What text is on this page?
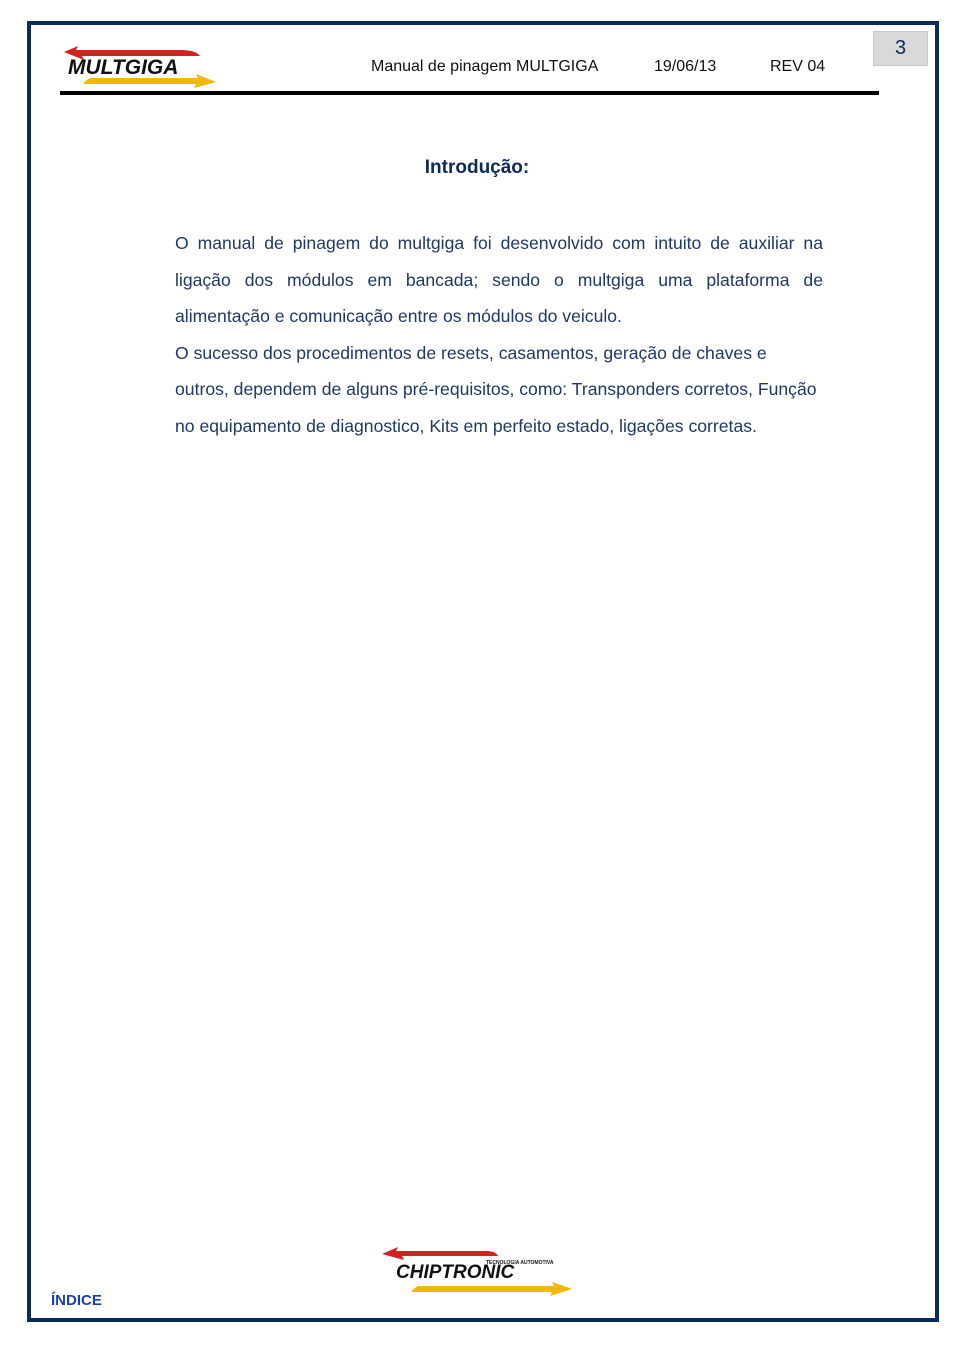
MULTGIGA	Manual de pinagem MULTGIGA	19/06/13	REV 04
3
Introdução:

O manual de pinagem do multgiga foi desenvolvido com intuito de auxiliar na ligação dos módulos em bancada; sendo o multgiga uma plataforma de alimentação e comunicação entre os módulos do veiculo.

O sucesso dos procedimentos de resets, casamentos, geração de chaves e outros, dependem de alguns pré-requisitos, como: Transponders corretos, Função no equipamento de diagnostico, Kits em perfeito estado, ligações corretas.

TECNOLOGIA AUTOMOTIVA
CHIPTRONIC
ÍNDICE
